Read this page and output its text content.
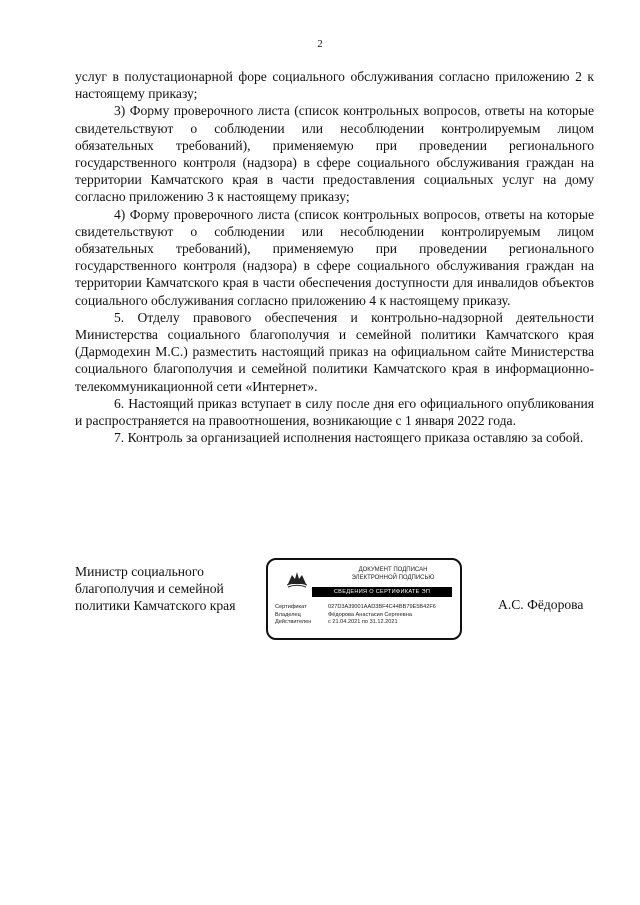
2

услуг в полустационарной форе социального обслуживания согласно приложению 2 к настоящему приказу;

3) Форму проверочного листа (список контрольных вопросов, ответы на которые свидетельствуют о соблюдении или несоблюдении контролируемым лицом обязательных требований), применяемую при проведении регионального государственного контроля (надзора) в сфере социального обслуживания граждан на территории Камчатского края в части предоставления социальных услуг на дому согласно приложению 3 к настоящему приказу;

4) Форму проверочного листа (список контрольных вопросов, ответы на которые свидетельствуют о соблюдении или несоблюдении контролируемым лицом обязательных требований), применяемую при проведении регионального государственного контроля (надзора) в сфере социального обслуживания граждан на территории Камчатского края в части обеспечения доступности для инвалидов объектов социального обслуживания согласно приложению 4 к настоящему приказу.

5. Отделу правового обеспечения и контрольно-надзорной деятельности Министерства социального благополучия и семейной политики Камчатского края (Дармодехин М.С.) разместить настоящий приказ на официальном сайте Министерства социального благополучия и семейной политики Камчатского края в информационно-телекоммуникационной сети «Интернет».

6. Настоящий приказ вступает в силу после дня его официального опубликования и распространяется на правоотношения, возникающие с 1 января 2022 года.

7. Контроль за организацией исполнения настоящего приказа оставляю за собой.

Министр социального
благополучия и семейной
политики Камчатского края
ДОКУМЕНТ ПОДПИСАН
ЭЛЕКТРОННОЙ ПОДПИСЬЮ
СВЕДЕНИЯ О СЕРТИФИКАТЕ ЭП
Сертификат	027D3A39001AAD3BF4C44BB79E5B42F6
Владелец	Фёдорова Анастасия Сергеевна
Действителен	с 21.04.2021 по 31.12.2021
А.С. Фёдорова
